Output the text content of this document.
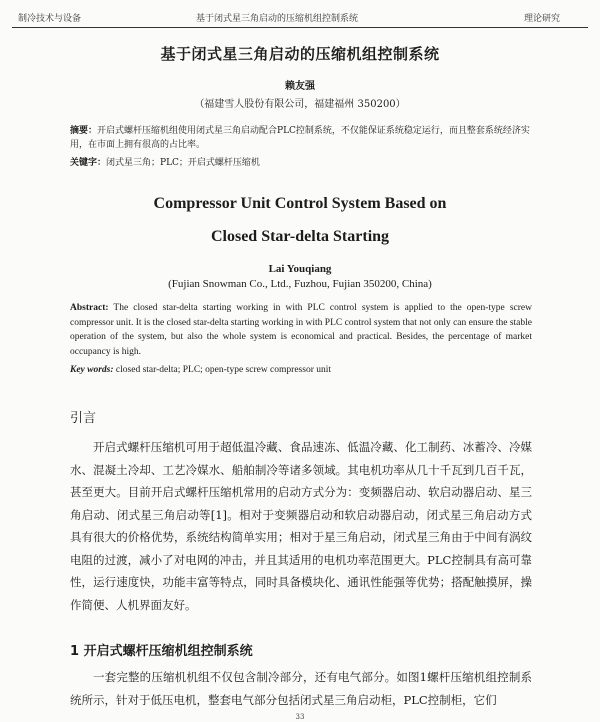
制冷技术与设备	基于闭式星三角启动的压缩机组控制系统	理论研究
基于闭式星三角启动的压缩机组控制系统
赖友强
（福建雪人股份有限公司，福建福州 350200）
摘要：开启式螺杆压缩机组使用闭式星三角启动配合PLC控制系统，不仅能保证系统稳定运行，而且整套系统经济实用，在市面上拥有很高的占比率。
关键字：闭式星三角；PLC；开启式螺杆压缩机
Compressor Unit Control System Based on
Closed Star-delta Starting
Lai Youqiang
(Fujian Snowman Co., Ltd., Fuzhou, Fujian 350200, China)
Abstract: The closed star-delta starting working in with PLC control system is applied to the open-type screw compressor unit. It is the closed star-delta starting working in with PLC control system that not only can ensure the stable operation of the system, but also the whole system is economical and practical. Besides, the percentage of market occupancy is high.
Key words: closed star-delta; PLC; open-type screw compressor unit
引言
开启式螺杆压缩机可用于超低温冷藏、食品速冻、低温冷藏、化工制药、冰蓄冷、冷媒水、混凝土冷却、工艺冷媒水、船舶制冷等诸多领域。其电机功率从几十千瓦到几百千瓦，甚至更大。目前开启式螺杆压缩机常用的启动方式分为：变频器启动、软启动器启动、星三角启动、闭式星三角启动等[1]。相对于变频器启动和软启动器启动，闭式星三角启动方式具有很大的价格优势，系统结构简单实用；相对于星三角启动，闭式星三角由于中间有涡纹电阻的过渡，减小了对电网的冲击，并且其适用的电机功率范围更大。PLC控制具有高可靠性，运行速度快，功能丰富等特点，同时具备模块化、通讯性能强等优势；搭配触摸屏，操作简便、人机界面友好。
1 开启式螺杆压缩机组控制系统
一套完整的压缩机机组不仅包含制冷部分，还有电气部分。如图1螺杆压缩机组控制系统所示，针对于低压电机，整套电气部分包括闭式星三角启动柜，PLC控制柜，它们
33
